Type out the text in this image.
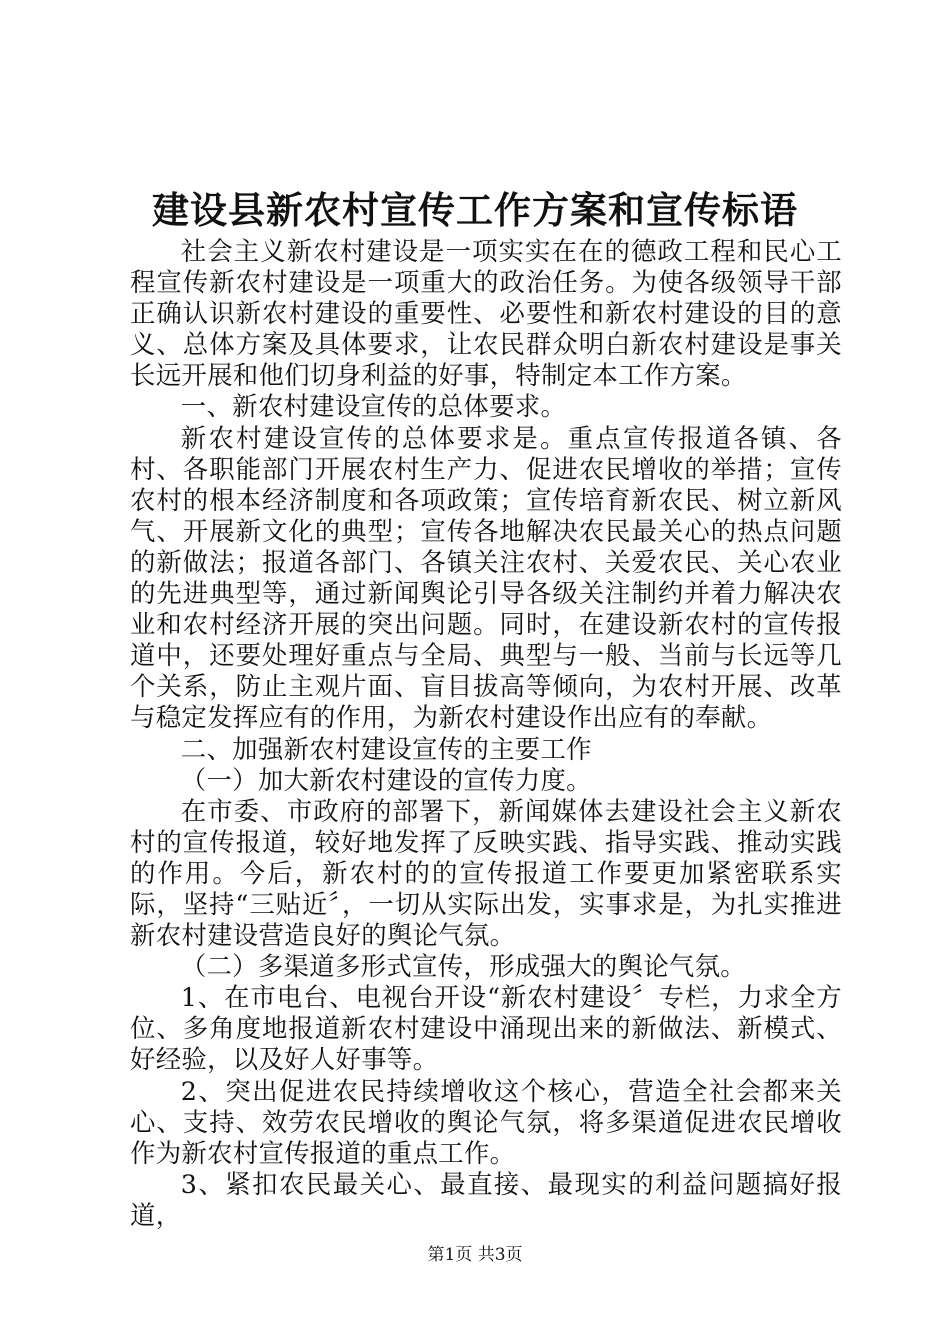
建设县新农村宣传工作方案和宣传标语

社会主义新农村建设是一项实实在在的德政工程和民心工程宣传新农村建设是一项重大的政治任务。为使各级领导干部正确认识新农村建设的重要性、必要性和新农村建设的目的意义、总体方案及具体要求，让农民群众明白新农村建设是事关长远开展和他们切身利益的好事，特制定本工作方案。

一、新农村建设宣传的总体要求。

新农村建设宣传的总体要求是。重点宣传报道各镇、各村、各职能部门开展农村生产力、促进农民增收的举措；宣传农村的根本经济制度和各项政策；宣传培育新农民、树立新风气、开展新文化的典型；宣传各地解决农民最关心的热点问题的新做法；报道各部门、各镇关注农村、关爱农民、关心农业的先进典型等，通过新闻舆论引导各级关注制约并着力解决农业和农村经济开展的突出问题。同时，在建设新农村的宣传报道中，还要处理好重点与全局、典型与一般、当前与长远等几个关系，防止主观片面、盲目拔高等倾向，为农村开展、改革与稳定发挥应有的作用，为新农村建设作出应有的奉献。

二、加强新农村建设宣传的主要工作

（一）加大新农村建设的宣传力度。

在市委、市政府的部署下，新闻媒体去建设社会主义新农村的宣传报道，较好地发挥了反映实践、指导实践、推动实践的作用。今后，新农村的的宣传报道工作要更加紧密联系实际，坚持“三贴近〞，一切从实际出发，实事求是，为扎实推进新农村建设营造良好的舆论气氛。

（二）多渠道多形式宣传，形成强大的舆论气氛。

1、在市电台、电视台开设“新农村建设〞专栏，力求全方位、多角度地报道新农村建设中涌现出来的新做法、新模式、好经验，以及好人好事等。

2、突出促进农民持续增收这个核心，营造全社会都来关心、支持、效劳农民增收的舆论气氛，将多渠道促进农民增收作为新农村宣传报道的重点工作。

3、紧扣农民最关心、最直接、最现实的利益问题搞好报道，

第1页 共3页
